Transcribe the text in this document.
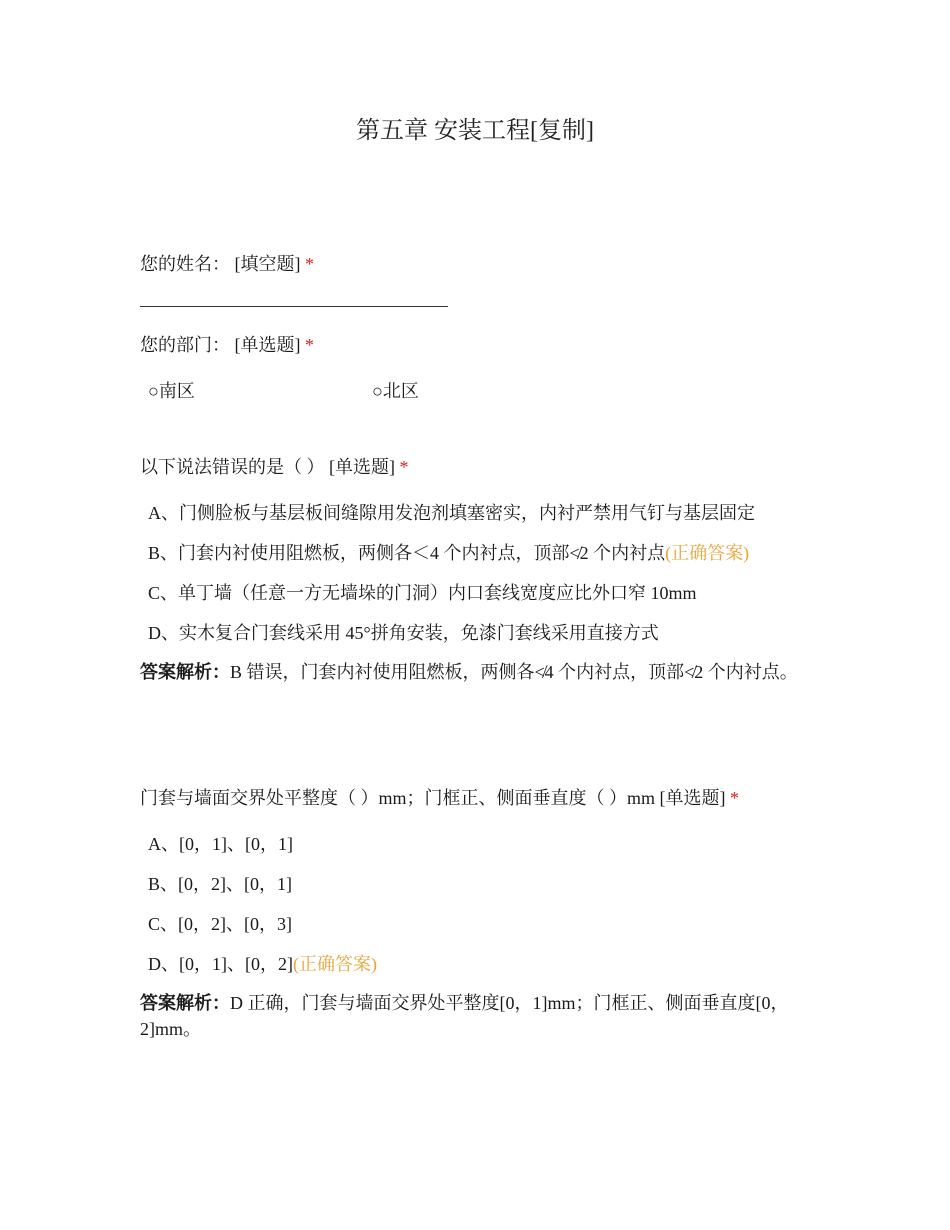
第五章 安装工程[复制]
您的姓名： [填空题] *
您的部门： [单选题] *
○南区	○北区
以下说法错误的是（ ） [单选题] *
A、门侧脸板与基层板间缝隙用发泡剂填塞密实，内衬严禁用气钉与基层固定
B、门套内衬使用阻燃板，两侧各＜4 个内衬点，顶部≮2 个内衬点(正确答案)
C、单丁墙（任意一方无墙垛的门洞）内口套线宽度应比外口窄 10mm
D、实木复合门套线采用 45°拼角安装，免漆门套线采用直接方式
答案解析：B 错误，门套内衬使用阻燃板，两侧各≮4 个内衬点，顶部≮2 个内衬点。
门套与墙面交界处平整度（ ）mm；门框正、侧面垂直度（ ）mm [单选题] *
A、[0，1]、[0，1]
B、[0，2]、[0，1]
C、[0，2]、[0，3]
D、[0，1]、[0，2](正确答案)
答案解析：D 正确，门套与墙面交界处平整度[0，1]mm；门框正、侧面垂直度[0，2]mm。
